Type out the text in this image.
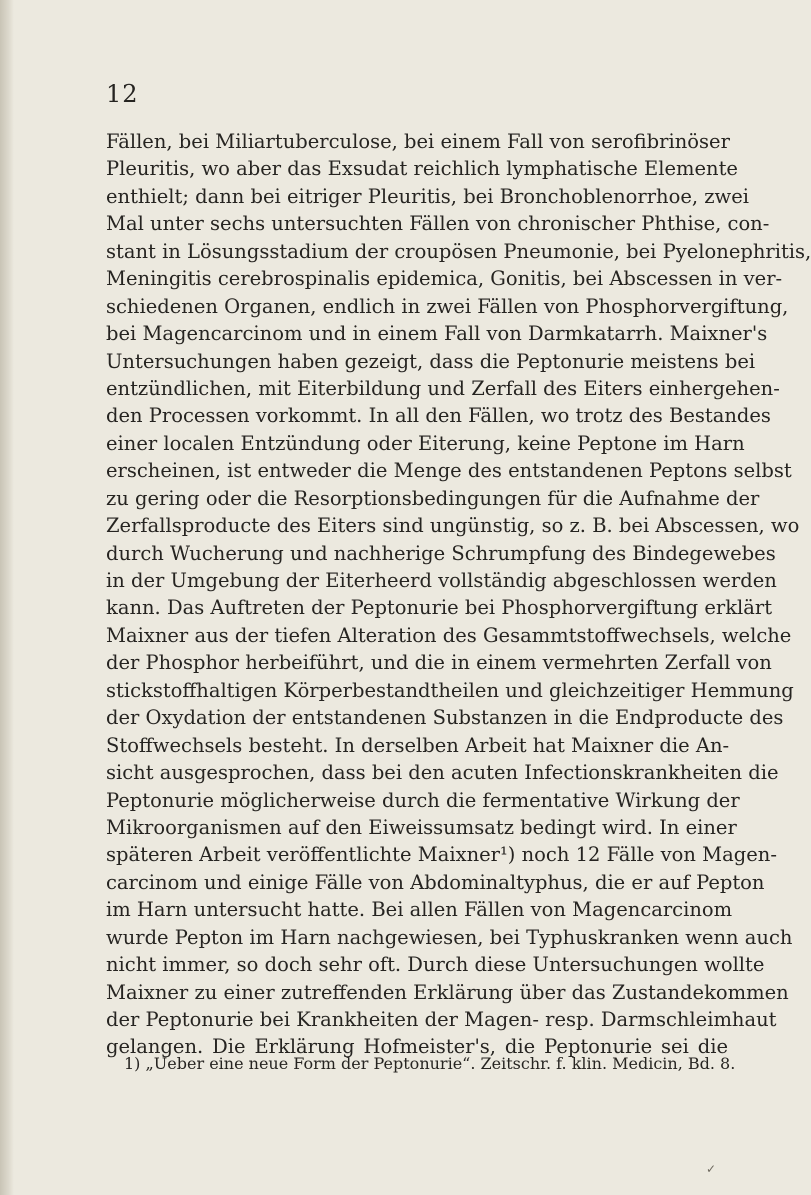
12
Fällen, bei Miliartuberculose, bei einem Fall von serofibrinöser
Pleuritis, wo aber das Exsudat reichlich lymphatische Elemente
enthielt; dann bei eitriger Pleuritis, bei Bronchoblenorrhoe, zwei
Mal unter sechs untersuchten Fällen von chronischer Phthise, con-
stant in Lösungsstadium der croupösen Pneumonie, bei Pyelonephritis,
Meningitis cerebrospinalis epidemica, Gonitis, bei Abscessen in ver-
schiedenen Organen, endlich in zwei Fällen von Phosphorvergiftung,
bei Magencarcinom und in einem Fall von Darmkatarrh. Maixner's
Untersuchungen haben gezeigt, dass die Peptonurie meistens bei
entzündlichen, mit Eiterbildung und Zerfall des Eiters einhergehen-
den Processen vorkommt. In all den Fällen, wo trotz des Bestandes
einer localen Entzündung oder Eiterung, keine Peptone im Harn
erscheinen, ist entweder die Menge des entstandenen Peptons selbst
zu gering oder die Resorptionsbedingungen für die Aufnahme der
Zerfallsproducte des Eiters sind ungünstig, so z. B. bei Abscessen, wo
durch Wucherung und nachherige Schrumpfung des Bindegewebes
in der Umgebung der Eiterheerd vollständig abgeschlossen werden
kann. Das Auftreten der Peptonurie bei Phosphorvergiftung erklärt
Maixner aus der tiefen Alteration des Gesammtstoffwechsels, welche
der Phosphor herbeiführt, und die in einem vermehrten Zerfall von
stickstoffhaltigen Körperbestandtheilen und gleichzeitiger Hemmung
der Oxydation der entstandenen Substanzen in die Endproducte des
Stoffwechsels besteht. In derselben Arbeit hat Maixner die An-
sicht ausgesprochen, dass bei den acuten Infectionskrankheiten die
Peptonurie möglicherweise durch die fermentative Wirkung der
Mikroorganismen auf den Eiweissumsatz bedingt wird. In einer
späteren Arbeit veröffentlichte Maixner¹) noch 12 Fälle von Magen-
carcinom und einige Fälle von Abdominaltyphus, die er auf Pepton
im Harn untersucht hatte. Bei allen Fällen von Magencarcinom
wurde Pepton im Harn nachgewiesen, bei Typhuskranken wenn auch
nicht immer, so doch sehr oft. Durch diese Untersuchungen wollte
Maixner zu einer zutreffenden Erklärung über das Zustandekommen
der Peptonurie bei Krankheiten der Magen- resp. Darmschleimhaut
gelangen. Die Erklärung Hofmeister's, die Peptonurie sei die
1) „Ueber eine neue Form der Peptonurie“. Zeitschr. f. klin. Medicin, Bd. 8.
✓
